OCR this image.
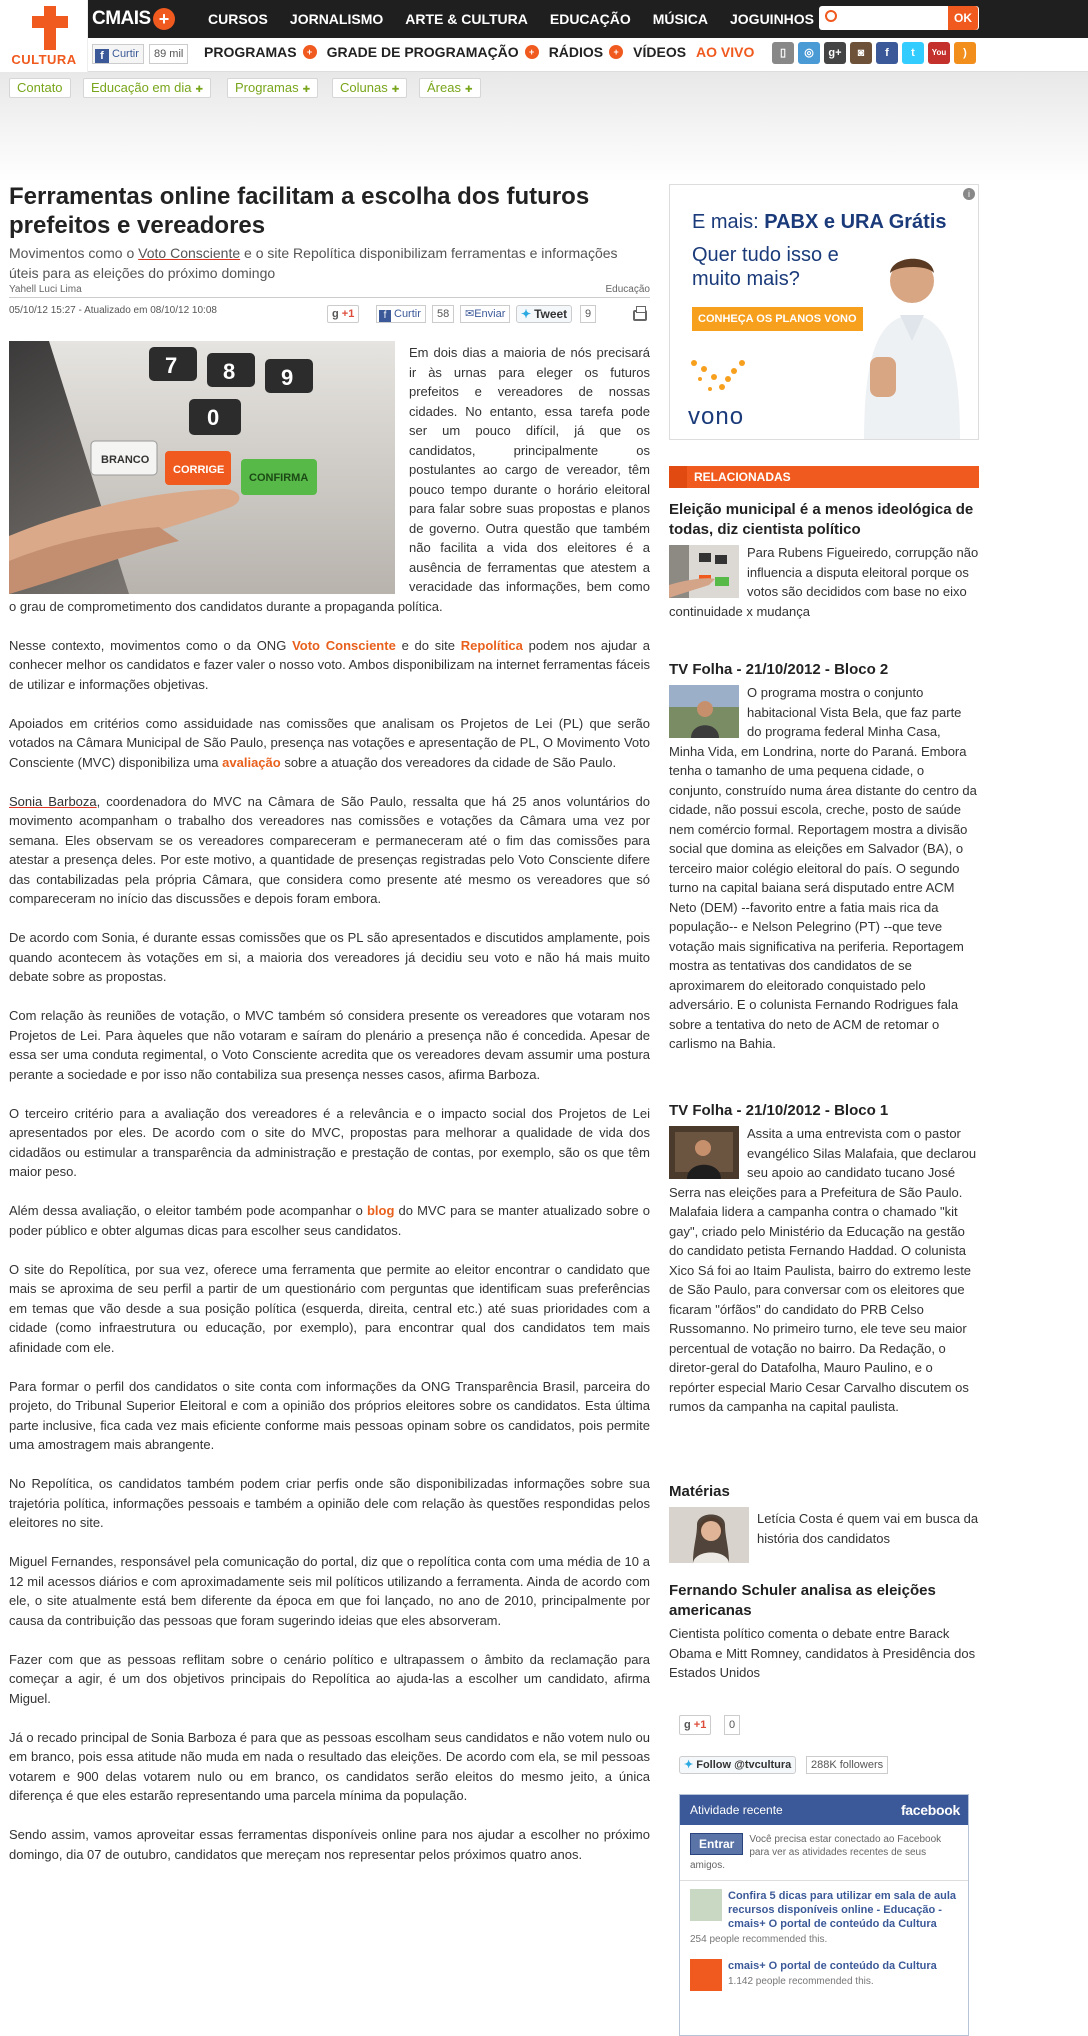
CULTURA
CMAIS +	CURSOS JORNALISMO ARTE & CULTURA EDUCAÇÃO MÚSICA JOGUINHOS	OK
f Curtir	89 mil	PROGRAMAS	+	GRADE DE PROGRAMAÇÃO	+	RÁDIOS	+	VÍDEOS AO VIVO	▯	◎	g+	◙	f	t	You	)
Contato	Educação em dia ✚	Programas ✚	Colunas ✚	Áreas ✚
Ferramentas online facilitam a escolha dos futuros prefeitos e vereadores
Movimentos como o Voto Consciente e o site Repolítica disponibilizam ferramentas e informações úteis para as eleições do próximo domingo
Yahell Luci Lima	Educação
05/10/12 15:27 - Atualizado em 08/10/12 10:08	g +1	f Curtir	58	✉Enviar	✦ Tweet	9
7 8 9
0
BRANCO
CORRIGE
CONFIRMA

Em dois dias a maioria de nós precisará ir às urnas para eleger os futuros prefeitos e vereadores de nossas cidades. No entanto, essa tarefa pode ser um pouco difícil, já que os candidatos, principalmente os postulantes ao cargo de vereador, têm pouco tempo durante o horário eleitoral para falar sobre suas propostas e planos de governo. Outra questão que também não facilita a vida dos eleitores é a ausência de ferramentas que atestem a veracidade das informações, bem como o grau de comprometimento dos candidatos durante a propaganda política.

Nesse contexto, movimentos como o da ONG Voto Consciente e do site Repolítica podem nos ajudar a conhecer melhor os candidatos e fazer valer o nosso voto. Ambos disponibilizam na internet ferramentas fáceis de utilizar e informações objetivas.

Apoiados em critérios como assiduidade nas comissões que analisam os Projetos de Lei (PL) que serão votados na Câmara Municipal de São Paulo, presença nas votações e apresentação de PL, O Movimento Voto Consciente (MVC) disponibiliza uma avaliação sobre a atuação dos vereadores da cidade de São Paulo.

Sonia Barboza, coordenadora do MVC na Câmara de São Paulo, ressalta que há 25 anos voluntários do movimento acompanham o trabalho dos vereadores nas comissões e votações da Câmara uma vez por semana. Eles observam se os vereadores compareceram e permaneceram até o fim das comissões para atestar a presença deles. Por este motivo, a quantidade de presenças registradas pelo Voto Consciente difere das contabilizadas pela própria Câmara, que considera como presente até mesmo os vereadores que só compareceram no início das discussões e depois foram embora.

De acordo com Sonia, é durante essas comissões que os PL são apresentados e discutidos amplamente, pois quando acontecem às votações em si, a maioria dos vereadores já decidiu seu voto e não há mais muito debate sobre as propostas.

Com relação às reuniões de votação, o MVC também só considera presente os vereadores que votaram nos Projetos de Lei. Para àqueles que não votaram e saíram do plenário a presença não é concedida. Apesar de essa ser uma conduta regimental, o Voto Consciente acredita que os vereadores devam assumir uma postura perante a sociedade e por isso não contabiliza sua presença nesses casos, afirma Barboza.

O terceiro critério para a avaliação dos vereadores é a relevância e o impacto social dos Projetos de Lei apresentados por eles. De acordo com o site do MVC, propostas para melhorar a qualidade de vida dos cidadãos ou estimular a transparência da administração e prestação de contas, por exemplo, são os que têm maior peso.

Além dessa avaliação, o eleitor também pode acompanhar o blog do MVC para se manter atualizado sobre o poder público e obter algumas dicas para escolher seus candidatos.

O site do Repolítica, por sua vez, oferece uma ferramenta que permite ao eleitor encontrar o candidato que mais se aproxima de seu perfil a partir de um questionário com perguntas que identificam suas preferências em temas que vão desde a sua posição política (esquerda, direita, central etc.) até suas prioridades com a cidade (como infraestrutura ou educação, por exemplo), para encontrar qual dos candidatos tem mais afinidade com ele.

Para formar o perfil dos candidatos o site conta com informações da ONG Transparência Brasil, parceira do projeto, do Tribunal Superior Eleitoral e com a opinião dos próprios eleitores sobre os candidatos. Esta última parte inclusive, fica cada vez mais eficiente conforme mais pessoas opinam sobre os candidatos, pois permite uma amostragem mais abrangente.

No Repolítica, os candidatos também podem criar perfis onde são disponibilizadas informações sobre sua trajetória política, informações pessoais e também a opinião dele com relação às questões respondidas pelos eleitores no site.

Miguel Fernandes, responsável pela comunicação do portal, diz que o repolítica conta com uma média de 10 a 12 mil acessos diários e com aproximadamente seis mil políticos utilizando a ferramenta. Ainda de acordo com ele, o site atualmente está bem diferente da época em que foi lançado, no ano de 2010, principalmente por causa da contribuição das pessoas que foram sugerindo ideias que eles absorveram.

Fazer com que as pessoas reflitam sobre o cenário político e ultrapassem o âmbito da reclamação para começar a agir, é um dos objetivos principais do Repolítica ao ajuda-las a escolher um candidato, afirma Miguel.

Já o recado principal de Sonia Barboza é para que as pessoas escolham seus candidatos e não votem nulo ou em branco, pois essa atitude não muda em nada o resultado das eleições. De acordo com ela, se mil pessoas votarem e 900 delas votarem nulo ou em branco, os candidatos serão eleitos do mesmo jeito, a única diferença é que eles estarão representando uma parcela mínima da população.

Sendo assim, vamos aproveitar essas ferramentas disponíveis online para nos ajudar a escolher no próximo domingo, dia 07 de outubro, candidatos que mereçam nos representar pelos próximos quatro anos.

i
E mais: PABX e URA Grátis
Quer tudo isso e muito mais?
CONHEÇA OS PLANOS VONO
vono
RELACIONADAS
Eleição municipal é a menos ideológica de todas, diz cientista político
Para Rubens Figueiredo, corrupção não influencia a disputa eleitoral porque os votos são decididos com base no eixo continuidade x mudança
TV Folha - 21/10/2012 - Bloco 2
O programa mostra o conjunto habitacional Vista Bela, que faz parte do programa federal Minha Casa, Minha Vida, em Londrina, norte do Paraná. Embora tenha o tamanho de uma pequena cidade, o conjunto, construído numa área distante do centro da cidade, não possui escola, creche, posto de saúde nem comércio formal. Reportagem mostra a divisão social que domina as eleições em Salvador (BA), o terceiro maior colégio eleitoral do país. O segundo turno na capital baiana será disputado entre ACM Neto (DEM) --favorito entre a fatia mais rica da população-- e Nelson Pelegrino (PT) --que teve votação mais significativa na periferia. Reportagem mostra as tentativas dos candidatos de se aproximarem do eleitorado conquistado pelo adversário. E o colunista Fernando Rodrigues fala sobre a tentativa do neto de ACM de retomar o carlismo na Bahia.
TV Folha - 21/10/2012 - Bloco 1
Assita a uma entrevista com o pastor evangélico Silas Malafaia, que declarou seu apoio ao candidato tucano José Serra nas eleições para a Prefeitura de São Paulo. Malafaia lidera a campanha contra o chamado "kit gay", criado pelo Ministério da Educação na gestão do candidato petista Fernando Haddad. O colunista Xico Sá foi ao Itaim Paulista, bairro do extremo leste de São Paulo, para conversar com os eleitores que ficaram "órfãos" do candidato do PRB Celso Russomanno. No primeiro turno, ele teve seu maior percentual de votação no bairro. Da Redação, o diretor-geral do Datafolha, Mauro Paulino, e o repórter especial Mario Cesar Carvalho discutem os rumos da campanha na capital paulista.
Matérias
Letícia Costa é quem vai em busca da história dos candidatos
Fernando Schuler analisa as eleições americanas
Cientista político comenta o debate entre Barack Obama e Mitt Romney, candidatos à Presidência dos Estados Unidos
g +1	0
✦ Follow @tvcultura	288K followers
Atividade recente	facebook
Entrar	Você precisa estar conectado ao Facebook para ver as atividades recentes de seus amigos.
Confira 5 dicas para utilizar em sala de aula recursos disponíveis online - Educação - cmais+ O portal de conteúdo da Cultura
254 people recommended this.
cmais+ O portal de conteúdo da Cultura
1.142 people recommended this.
